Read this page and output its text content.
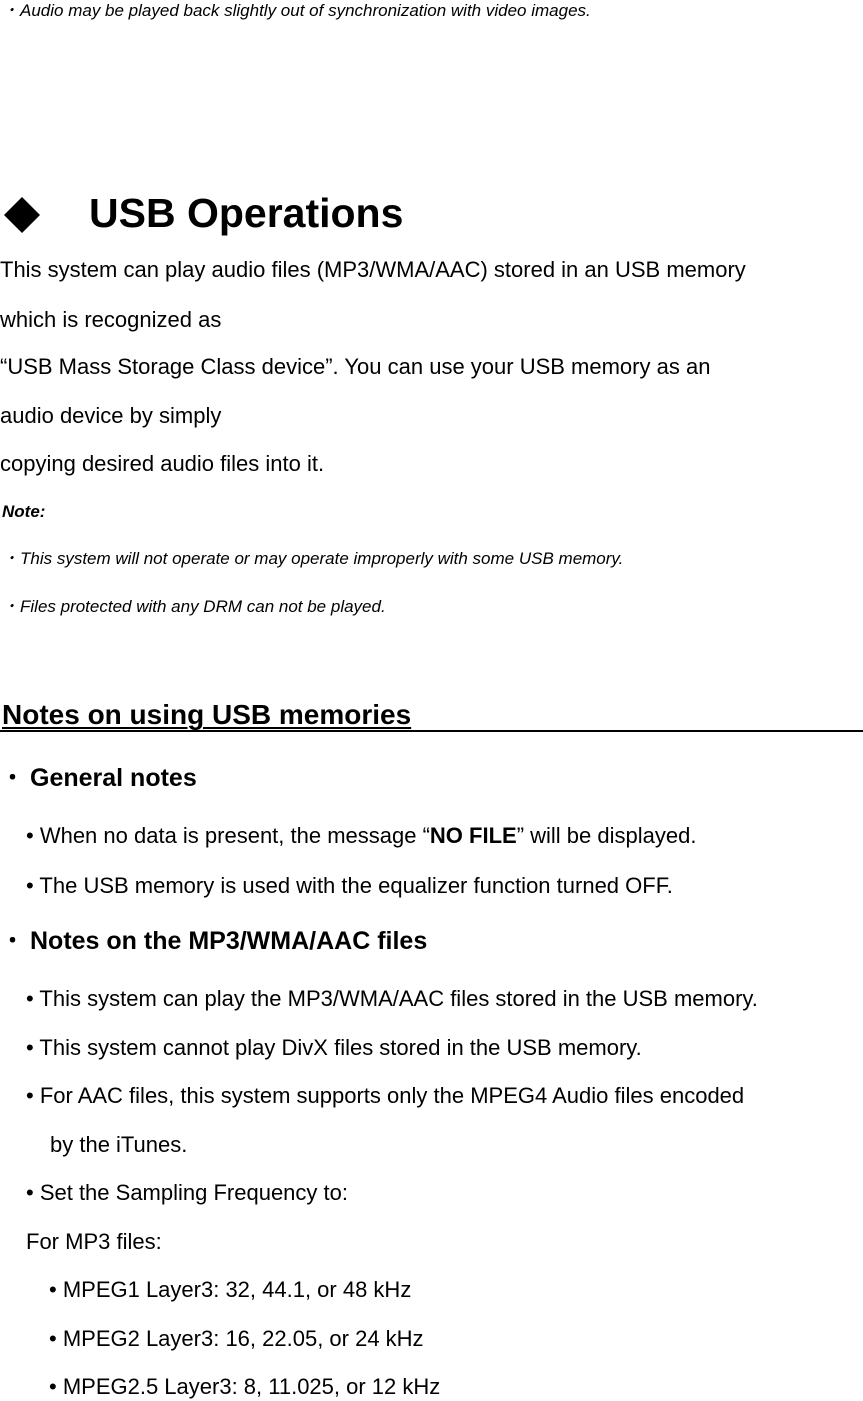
・Audio may be played back slightly out of synchronization with video images.
USB Operations
This system can play audio files (MP3/WMA/AAC) stored in an USB memory
which is recognized as
“USB Mass Storage Class device”. You can use your USB memory as an
audio device by simply
copying desired audio files into it.
Note:
・This system will not operate or may operate improperly with some USB memory.
・Files protected with any DRM can not be played.
Notes on using USB memories
・ General notes
• When no data is present, the message “NO FILE” will be displayed.
• The USB memory is used with the equalizer function turned OFF.
・ Notes on the MP3/WMA/AAC files
• This system can play the MP3/WMA/AAC files stored in the USB memory.
• This system cannot play DivX files stored in the USB memory.
• For AAC files, this system supports only the MPEG4 Audio files encoded
by the iTunes.
• Set the Sampling Frequency to:
For MP3 files:
• MPEG1 Layer3: 32, 44.1, or 48 kHz
• MPEG2 Layer3: 16, 22.05, or 24 kHz
• MPEG2.5 Layer3: 8, 11.025, or 12 kHz
